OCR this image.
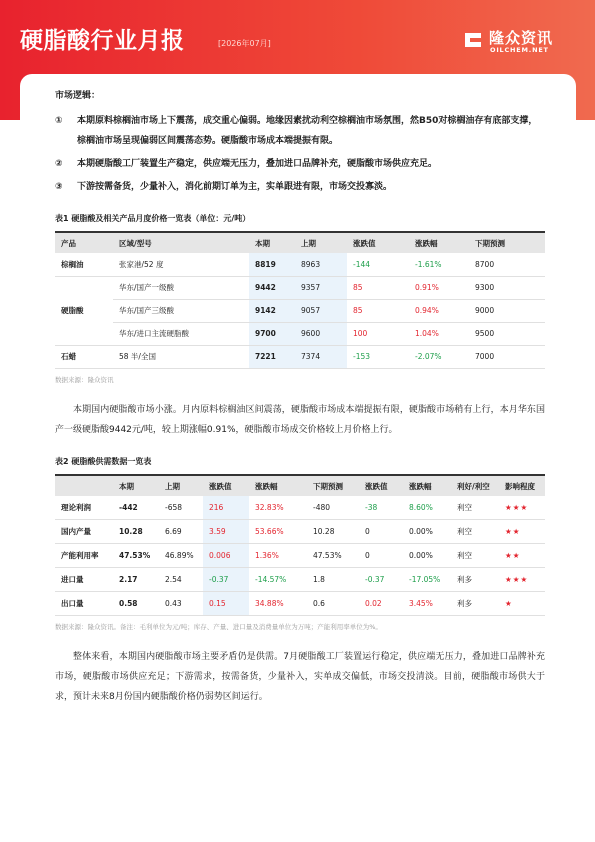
硬脂酸行业月报	[2026年07月]	隆众资讯
OILCHEM.NET
市场逻辑：
①	本期原料棕榈油市场上下震荡，成交重心偏弱。地缘因素扰动利空棕榈油市场氛围，然B50对棕榈油存有底部支撑，棕榈油市场呈现偏弱区间震荡态势。硬脂酸市场成本端提振有限。
②	本期硬脂酸工厂装置生产稳定，供应端无压力，叠加进口品牌补充，硬脂酸市场供应充足。
③	下游按需备货，少量补入，消化前期订单为主，实单跟进有限，市场交投寡淡。
表1 硬脂酸及相关产品月度价格一览表（单位：元/吨）
产品	区域/型号	本期	上期	涨跌值	涨跌幅	下期预测
棕榈油	张家港/52 度	8819	8963	-144	-1.61%	8700
硬脂酸	华东/国产一级酸	9442	9357	85	0.91%	9300
	华东/国产三级酸	9142	9057	85	0.94%	9000
	华东/进口主流硬脂酸	9700	9600	100	1.04%	9500
石蜡	58 半/全国	7221	7374	-153	-2.07%	7000
数据来源：隆众资讯
本期国内硬脂酸市场小涨。月内原料棕榈油区间震荡，硬脂酸市场成本端提振有限，硬脂酸市场稍有上行，本月华东国产一级硬脂酸9442元/吨，较上期涨幅0.91%，硬脂酸市场成交价格较上月价格上行。
表2 硬脂酸供需数据一览表
	本期	上期	涨跌值	涨跌幅	下期预测	涨跌值	涨跌幅	利好/利空	影响程度
理论利润	-442	-658	216	32.83%	-480	-38	8.60%	利空	★★★
国内产量	10.28	6.69	3.59	53.66%	10.28	0	0.00%	利空	★★
产能利用率	47.53%	46.89%	0.006	1.36%	47.53%	0	0.00%	利空	★★
进口量	2.17	2.54	-0.37	-14.57%	1.8	-0.37	-17.05%	利多	★★★
出口量	0.58	0.43	0.15	34.88%	0.6	0.02	3.45%	利多	★
数据来源：隆众资讯。备注：毛利单位为元/吨；库存、产量、进口量及消费量单位为万吨；产能利用率单位为%。
整体来看，本期国内硬脂酸市场主要矛盾仍是供需。7月硬脂酸工厂装置运行稳定，供应端无压力，叠加进口品牌补充市场，硬脂酸市场供应充足；下游需求，按需备货，少量补入，实单成交偏低，市场交投清淡。目前，硬脂酸市场供大于求，预计未来8月份国内硬脂酸价格仍弱势区间运行。
